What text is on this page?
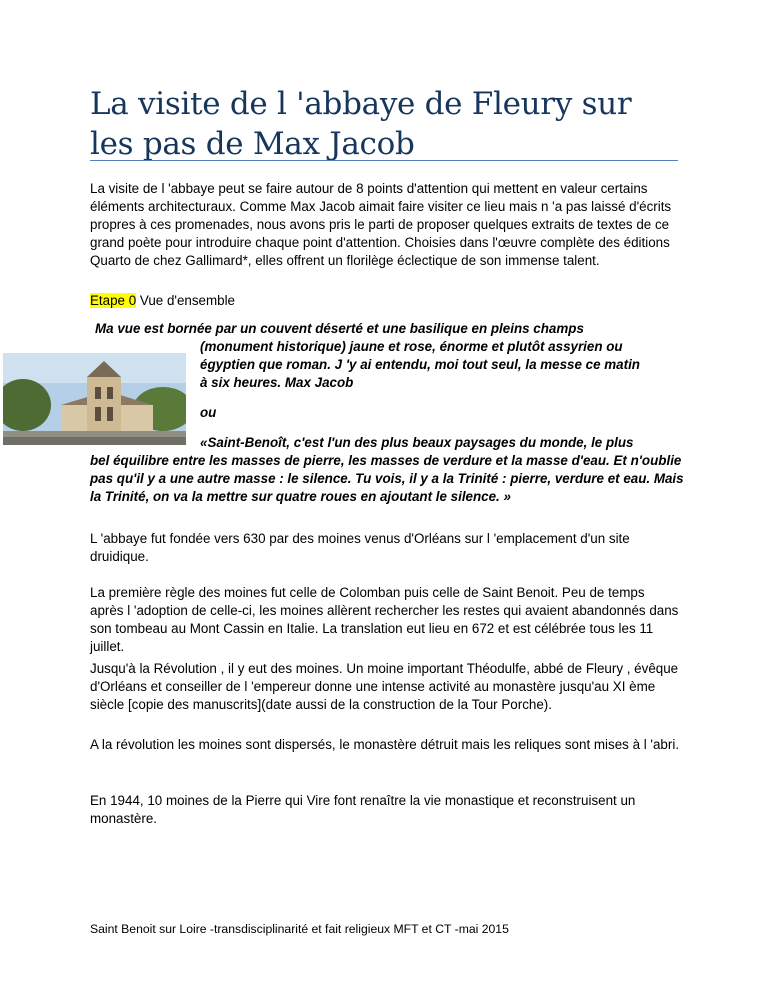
La visite de l 'abbaye de Fleury sur les pas de Max Jacob
La visite de l 'abbaye peut se faire autour de 8 points d'attention qui mettent en valeur certains éléments architecturaux. Comme Max Jacob aimait faire visiter ce lieu mais n 'a pas laissé d'écrits propres à ces promenades, nous avons pris le parti de proposer quelques extraits de textes de ce grand poète pour introduire chaque point d'attention. Choisies dans l'œuvre complète des éditions Quarto de chez Gallimard*, elles offrent un florilège éclectique de son immense talent.
Etape 0 Vue d'ensemble
Ma vue est bornée par un couvent déserté et une basilique en pleins champs
(monument historique) jaune et rose, énorme et plutôt assyrien ou
égyptien que roman. J 'y ai entendu, moi tout seul, la messe ce matin
à six heures. Max Jacob
ou
«Saint-Benoît, c'est l'un des plus beaux paysages du monde, le plus
bel équilibre entre les masses de pierre, les masses de verdure et la masse d'eau. Et n'oublie pas qu'il y a une autre masse : le silence. Tu vois, il y a la Trinité : pierre, verdure et eau. Mais la Trinité, on va la mettre sur quatre roues en ajoutant le silence. »
L 'abbaye fut fondée vers 630 par des moines venus d'Orléans sur l 'emplacement d'un site druidique.
La première règle des moines fut celle de Colomban puis celle de Saint Benoit. Peu de temps après l 'adoption de celle-ci, les moines allèrent rechercher les restes qui avaient abandonnés dans son tombeau au Mont Cassin en Italie. La translation eut lieu en 672 et est célébrée tous les 11 juillet.
Jusqu'à la Révolution , il y eut des moines. Un moine important Théodulfe, abbé de Fleury , évêque d'Orléans et conseiller de l 'empereur donne une intense activité au monastère jusqu'au XI ème siècle [copie des manuscrits](date aussi de la construction de la Tour Porche).
A la révolution les moines sont dispersés, le monastère détruit mais les reliques sont mises à l 'abri.
En 1944, 10 moines de la Pierre qui Vire font renaître la vie monastique et reconstruisent un monastère.
Saint Benoit sur Loire -transdisciplinarité et fait religieux MFT et CT -mai 2015
